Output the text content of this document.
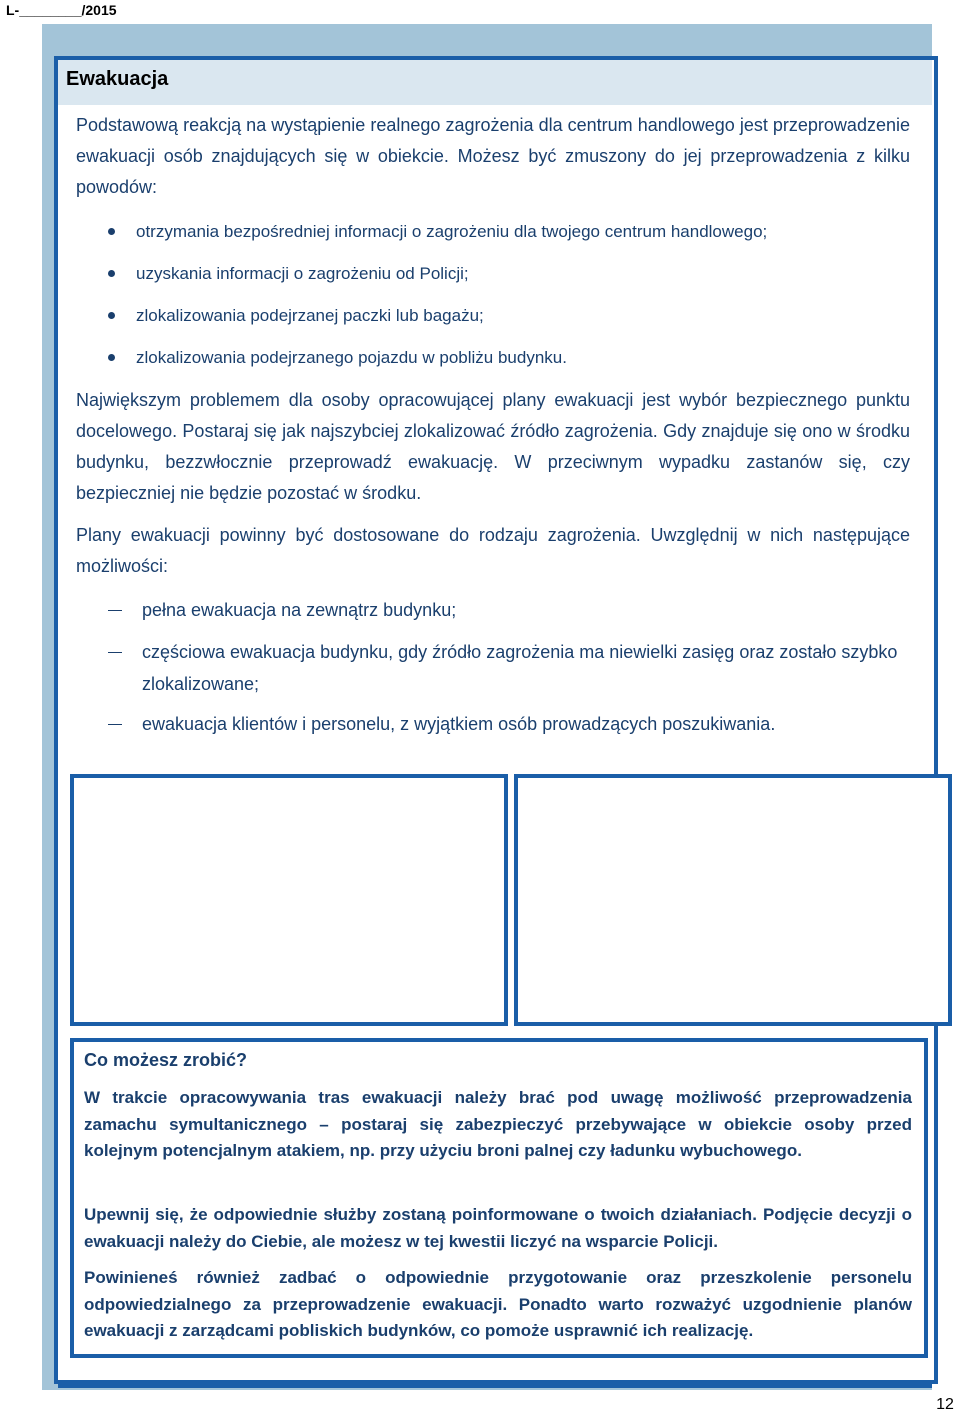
L-________/2015
Ewakuacja
Podstawową reakcją na wystąpienie realnego zagrożenia dla centrum handlowego jest przeprowadzenie ewakuacji osób znajdujących się w obiekcie. Możesz być zmuszony do jej przeprowadzenia z kilku powodów:
otrzymania bezpośredniej informacji o zagrożeniu dla twojego centrum handlowego;
uzyskania informacji o zagrożeniu od Policji;
zlokalizowania podejrzanej paczki lub bagażu;
zlokalizowania podejrzanego pojazdu w pobliżu budynku.
Największym problemem dla osoby opracowującej plany ewakuacji jest wybór bezpiecznego punktu docelowego. Postaraj się jak najszybciej zlokalizować źródło zagrożenia. Gdy znajduje się ono w środku budynku, bezzwłocznie przeprowadź ewakuację. W przeciwnym wypadku zastanów się, czy bezpieczniej nie będzie pozostać w środku.
Plany ewakuacji powinny być dostosowane do rodzaju zagrożenia. Uwzględnij w nich następujące możliwości:
pełna ewakuacja na zewnątrz budynku;
częściowa ewakuacja budynku, gdy źródło zagrożenia ma niewielki zasięg oraz zostało szybko zlokalizowane;
ewakuacja klientów i personelu, z wyjątkiem osób prowadzących poszukiwania.
Co możesz zrobić?
W trakcie opracowywania tras ewakuacji należy brać pod uwagę możliwość przeprowadzenia zamachu symultanicznego – postaraj się zabezpieczyć przebywające w obiekcie osoby przed kolejnym potencjalnym atakiem, np. przy użyciu broni palnej czy ładunku wybuchowego.
Upewnij się, że odpowiednie służby zostaną poinformowane o twoich działaniach. Podjęcie decyzji o ewakuacji należy do Ciebie, ale możesz w tej kwestii liczyć na wsparcie Policji.
Powinieneś również zadbać o odpowiednie przygotowanie oraz przeszkolenie personelu odpowiedzialnego za przeprowadzenie ewakuacji. Ponadto warto rozważyć uzgodnienie planów ewakuacji z zarządcami pobliskich budynków, co pomoże usprawnić ich realizację.
12
